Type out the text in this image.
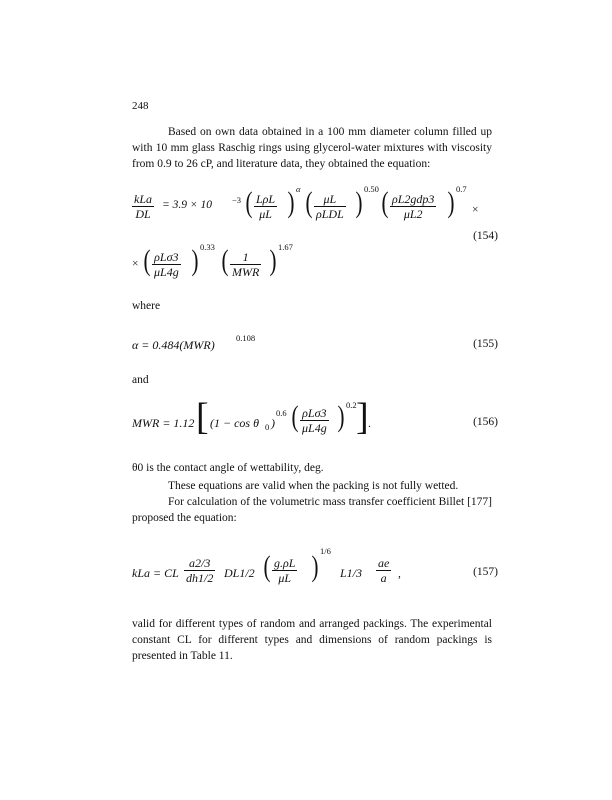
248
Based on own data obtained in a 100 mm diameter column filled up with 10 mm glass Raschig rings using glycerol-water mixtures with viscosity from 0.9 to 26 cP, and literature data, they obtained the equation:
kLa
DL
= 3.9 × 10 −3 ( LρL
μL ) α ( μL
ρLDL ) 0.50 ( ρL2gdp3
μL2 ) 0.7
×
× ( ρLσ3
μL4g ) 0.33 (	1
MWR ) 1.67
(154)
where
α = 0.484(MWR)	0.108	(155)
and
MWR = 1.12 [ (1 − cos θ 0 )
0.6 ( ρLσ3
μL4g ) 0.2 ] .	(156)
θ0 is the contact angle of wettability, deg.
These equations are valid when the packing is not fully wetted.
For calculation of the volumetric mass transfer coefficient Billet [177] proposed the equation:
kLa = CL $\frac{a2/3}{dh1/2} DL1/2$ ( $\frac{g.\rho L}{\mu L}$ ) 1/6
$L1/3 \frac{ae}{a}$ ,	(157)
valid for different types of random and arranged packings. The experimental constant CL for different types and dimensions of random packings is presented in Table 11.
